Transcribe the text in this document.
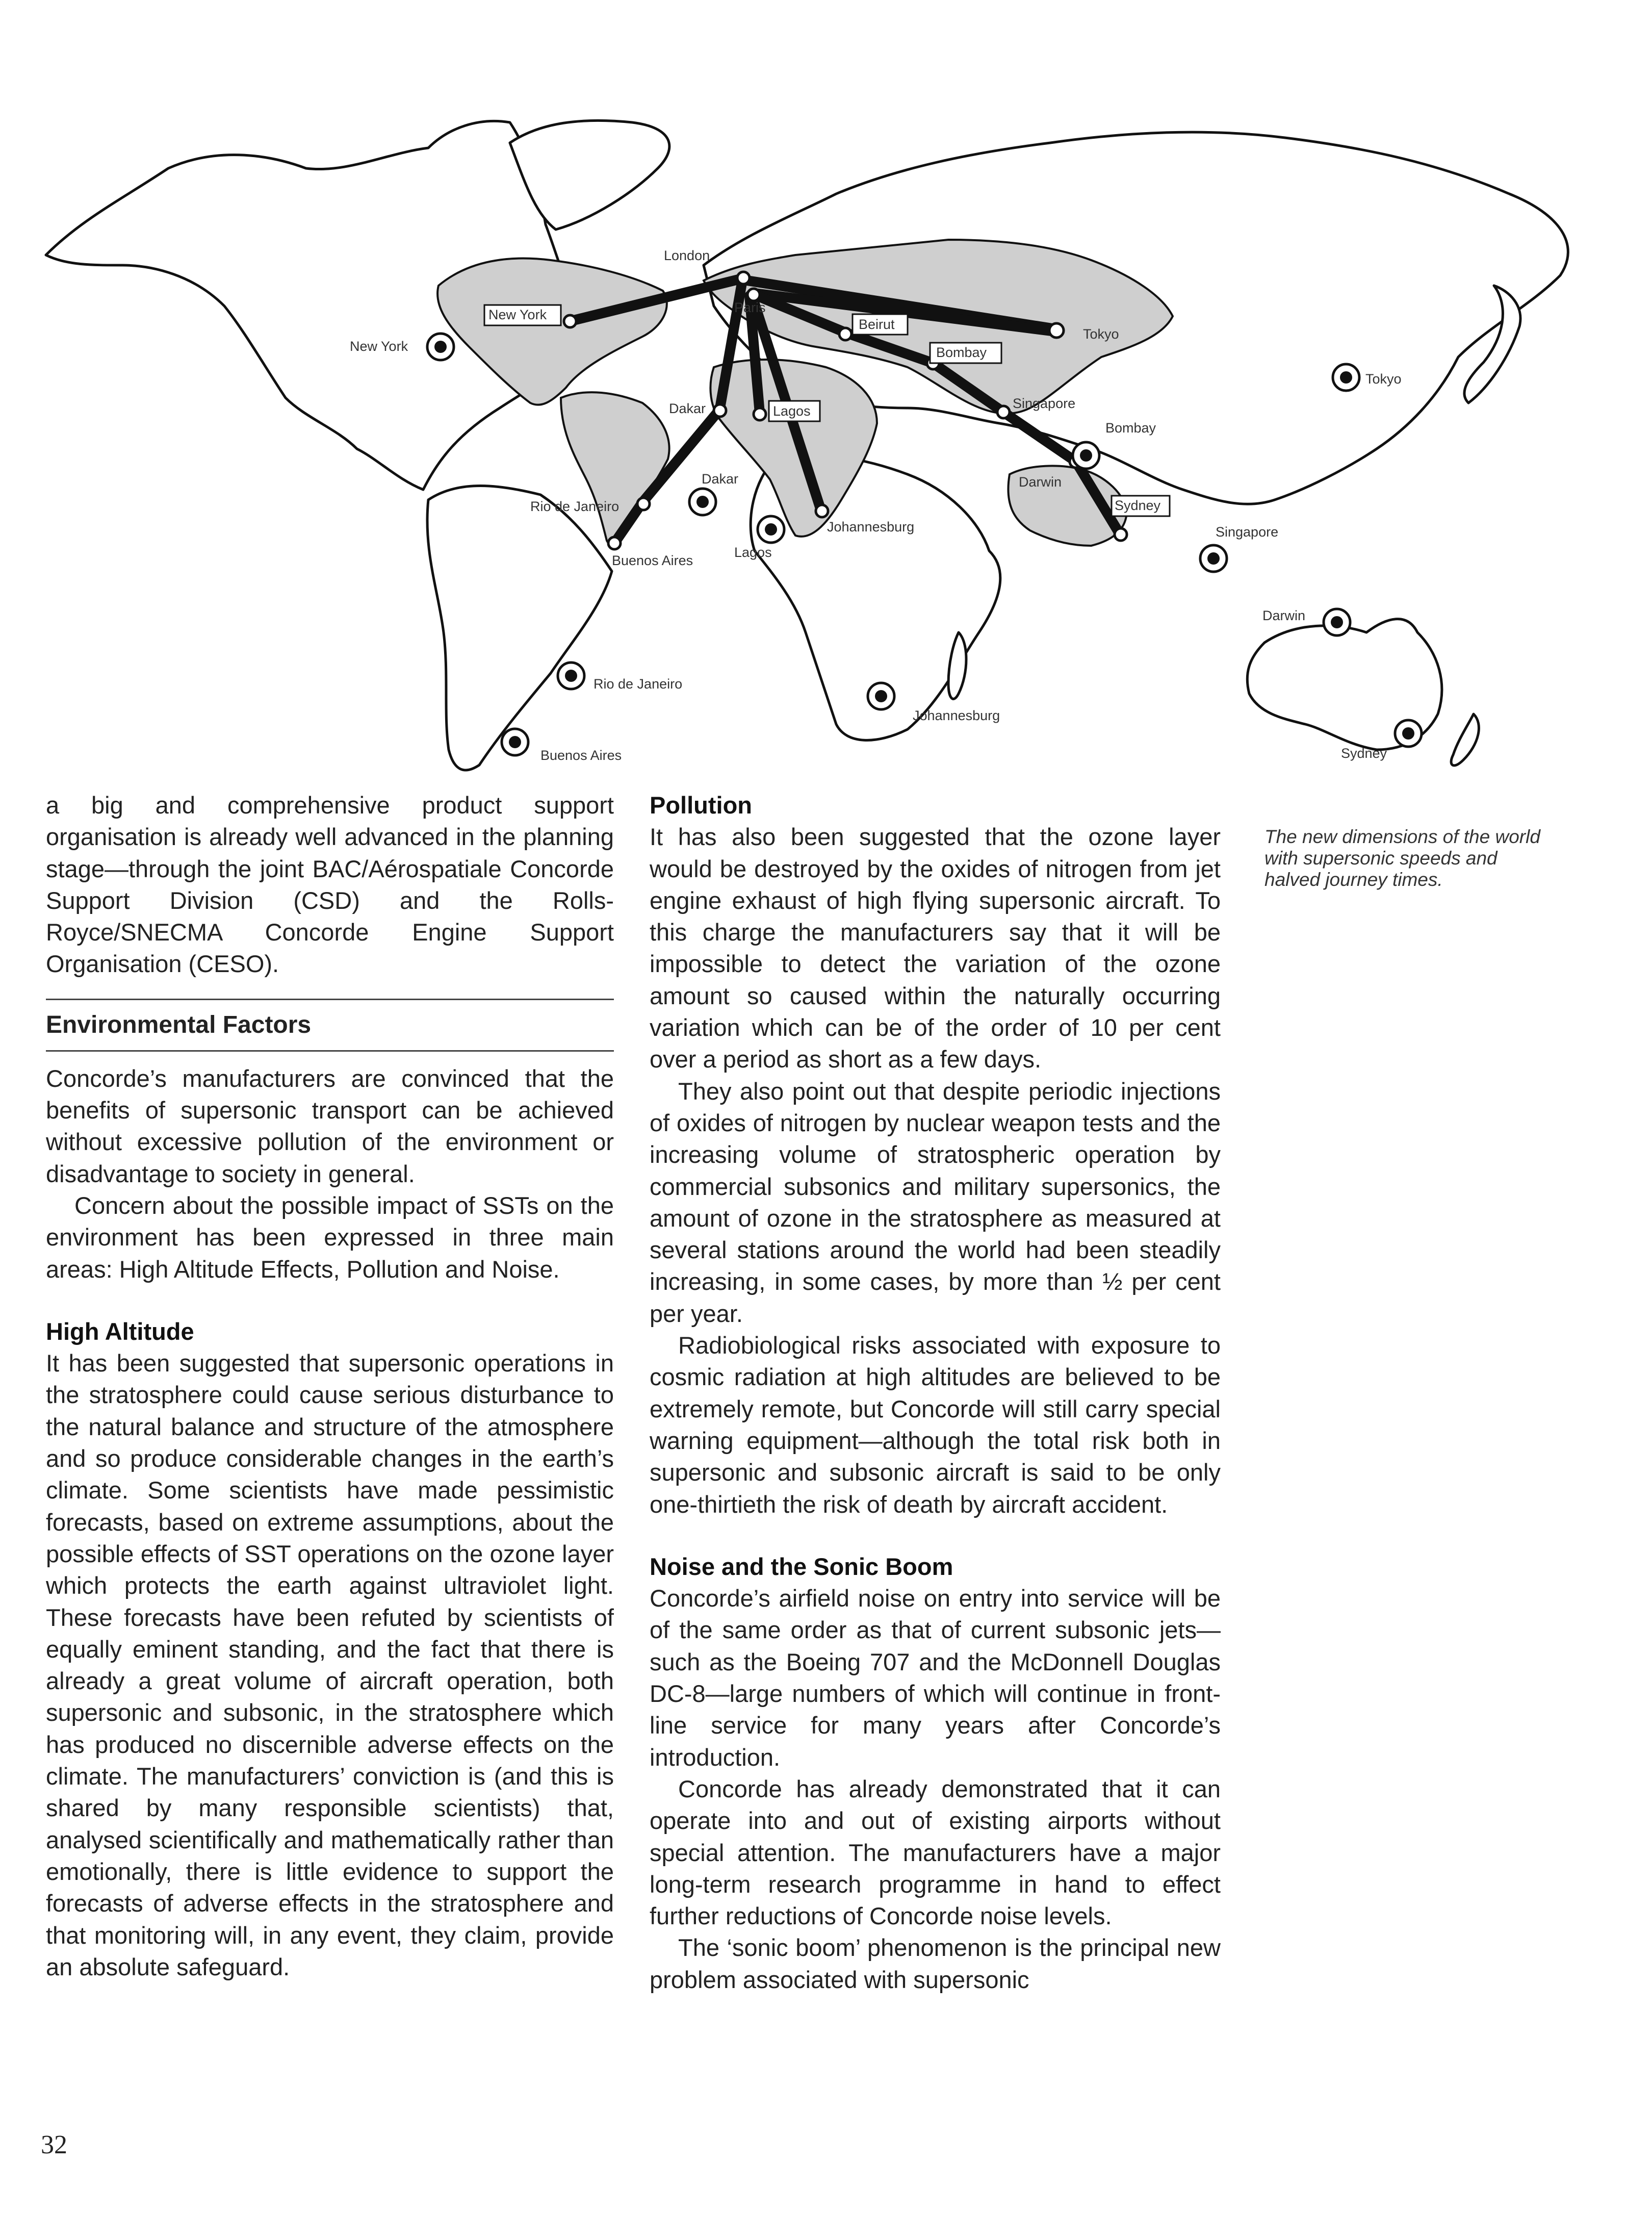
London
Paris
New York
New York
Beirut
Tokyo
Tokyo
Bombay
Bombay
Singapore
Singapore
Darwin
Darwin
Sydney
Sydney
Dakar
Dakar
Lagos
Lagos
Rio de Janeiro
Rio de Janeiro
Buenos Aires
Buenos Aires
Johannesburg
Johannesburg

The new dimensions of the world with supersonic speeds and halved journey times.

a big and comprehensive product support organisation is already well advanced in the planning stage—through the joint BAC/Aérospatiale Concorde Support Division (CSD) and the Rolls-Royce/SNECMA Concorde Engine Support Organisation (CESO).

Environmental Factors

Concorde’s manufacturers are convinced that the benefits of supersonic transport can be achieved without excessive pollution of the environment or disadvantage to society in general.

Concern about the possible impact of SSTs on the environment has been expressed in three main areas: High Altitude Effects, Pollution and Noise.

High Altitude

It has been suggested that supersonic operations in the stratosphere could cause serious disturbance to the natural balance and structure of the atmosphere and so produce considerable changes in the earth’s climate. Some scientists have made pessimistic forecasts, based on extreme assumptions, about the possible effects of SST operations on the ozone layer which protects the earth against ultraviolet light. These forecasts have been refuted by scientists of equally eminent standing, and the fact that there is already a great volume of aircraft operation, both supersonic and subsonic, in the stratosphere which has produced no discernible adverse effects on the climate. The manufacturers’ conviction is (and this is shared by many responsible scientists) that, analysed scientifically and mathematically rather than emotionally, there is little evidence to support the forecasts of adverse effects in the stratosphere and that monitoring will, in any event, they claim, provide an absolute safeguard.

Pollution

It has also been suggested that the ozone layer would be destroyed by the oxides of nitrogen from jet engine exhaust of high flying supersonic aircraft. To this charge the manufacturers say that it will be impossible to detect the variation of the ozone amount so caused within the naturally occurring variation which can be of the order of 10 per cent over a period as short as a few days.

They also point out that despite periodic injections of oxides of nitrogen by nuclear weapon tests and the increasing volume of stratospheric operation by commercial subsonics and military supersonics, the amount of ozone in the stratosphere as measured at several stations around the world had been steadily increasing, in some cases, by more than ½ per cent per year.

Radiobiological risks associated with exposure to cosmic radiation at high altitudes are believed to be extremely remote, but Concorde will still carry special warning equipment—although the total risk both in supersonic and subsonic aircraft is said to be only one-thirtieth the risk of death by aircraft accident.

Noise and the Sonic Boom

Concorde’s airfield noise on entry into service will be of the same order as that of current subsonic jets—such as the Boeing 707 and the McDonnell Douglas DC-8—large numbers of which will continue in front-line service for many years after Concorde’s introduction.

Concorde has already demonstrated that it can operate into and out of existing airports without special attention. The manufacturers have a major long-term research programme in hand to effect further reductions of Concorde noise levels.

The ‘sonic boom’ phenomenon is the principal new problem associated with supersonic

32
